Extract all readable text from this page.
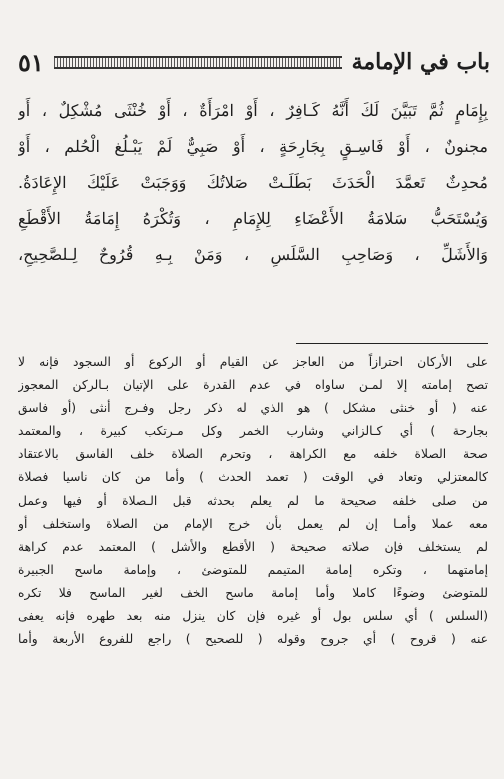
باب في الإمامة
٥١
بِإِمَامٍ ثُمَّ تَبَيَّنَ لَكَ أَنَّهُ كَـافِرٌ ، أَوْ امْرَأَةٌ ، أَوْ خُنْثَى مُشْكِلٌ ، أَو
مجنونٌ ، أَوْ فَاسِـقٍ بِجَارِحَةٍ ، أَوْ صَبِيٌّ لَمْ يَبْـلُغ الْحُلم ، أَوْ
مُحدِثٌ تَعمَّدَ الْحَدَثَ بَطَلَـتْ صَلاتُكَ وَوَجَبَتْ عَلَيْكَ الإِعَادَةُ.
وَيُسْتَحَبُّ سَلامَةُ الأَعْضَاءِ لِلإِمَامِ ، وَتُكْرَهُ إِمَامَةُ الأَقْطَعِ
وَالأَشَلِّ ، وَصَاحِبِ السَّلَسِ ، وَمَنْ بِـهِ قُرُوحٌ لِـلصَّحِيحِ،
على الأركان احترازاً من العاجز عن القيام أو الركوع أو السجود فإنه لا
تصح إمامته إلا لمـن ساواه في عدم القدرة على الإتيان بـالركن المعجوز
عنه ( أو خنثى مشكل ) هو الذي له ذكر رجل وفـرج أنثى (أو فاسق
بجارحة ) أي كـالزاني وشارب الخمر وكل مـرتكب كبيرة ، والمعتمد
صحة الصلاة خلفه مع الكراهة ، وتحرم الصلاة خلف الفاسق بالاعتقاد
كالمعتزلي وتعاد في الوقت ( تعمد الحدث ) وأما من كان ناسيا فصلاة
من صلى خلفه صحيحة ما لم يعلم بحدثه قبل الـصلاة أو فيها وعمل
معه عملا وأمـا إن لم يعمل بأن خرج الإمام من الصلاة واستخلف أو
لم يستخلف فإن صلاته صحيحة ( الأقطع والأشل ) المعتمد عدم كراهة
إمامتهما ، وتكره إمامة المتيمم للمتوضئ ، وإمامة ماسح الجبيرة
للمتوضئ وضوءًا كاملا وأما إمامة ماسح الخف لغير الماسح فلا تكره
(السلس ) أي سلس بول أو غيره فإن كان ينزل منه بعد طهره فإنه يعفى
عنه ( قروح ) أي جروح وقوله ( للصحيح ) راجع للفروع الأربعة وأما
